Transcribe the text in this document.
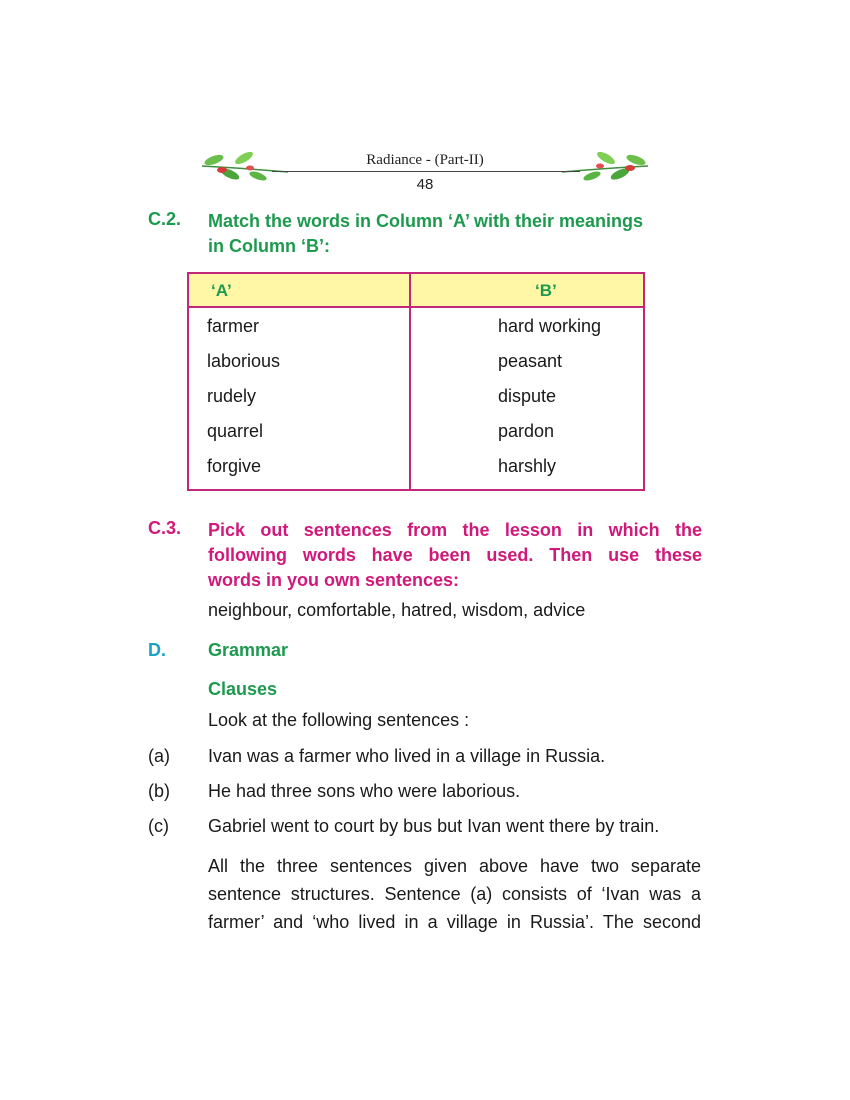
Radiance - (Part-II)
48
C.2. Match the words in Column ‘A’ with their meanings
in Column ‘B’:
‘A’	‘B’
farmer
laborious
rudely
quarrel
forgive
hard working
peasant
dispute
pardon
harshly
C.3. Pick out sentences from the lesson in which the
following words have been used. Then use these
words in you own sentences:
neighbour, comfortable, hatred, wisdom, advice
D. Grammar
Clauses
Look at the following sentences :
(a) Ivan was a farmer who lived in a village in Russia.
(b) He had three sons who were laborious.
(c) Gabriel went to court by bus but Ivan went there by train.
All the three sentences given above have two separate
sentence structures. Sentence (a) consists of ‘Ivan was a
farmer’ and ‘who lived in a village in Russia’. The second
